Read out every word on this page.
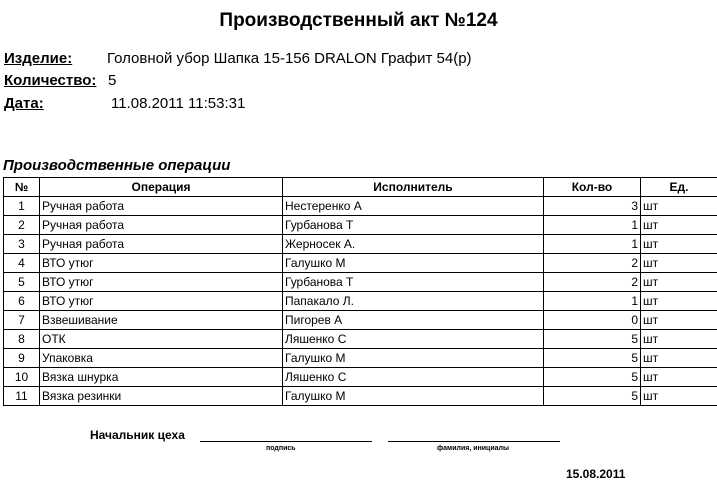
Производственный акт №124
Изделие: Головной убор Шапка 15-156 DRALON Графит 54(р)
Количество: 5
Дата:	11.08.2011 11:53:31
Производственные операции
№	Операция	Исполнитель	Кол-во	Ед.
1	Ручная работа	Нестеренко А	3	шт
2	Ручная работа	Гурбанова Т	1	шт
3	Ручная работа	Жерносек А.	1	шт
4	ВТО утюг	Галушко М	2	шт
5	ВТО утюг	Гурбанова Т	2	шт
6	ВТО утюг	Папакало Л.	1	шт
7	Взвешивание	Пигорев А	0	шт
8	ОТК	Ляшенко С	5	шт
9	Упаковка	Галушко М	5	шт
10	Вязка шнурка	Ляшенко С	5	шт
11	Вязка резинки	Галушко М	5	шт
Начальник цеха
подпись	фамилия, инициалы
15.08.2011
